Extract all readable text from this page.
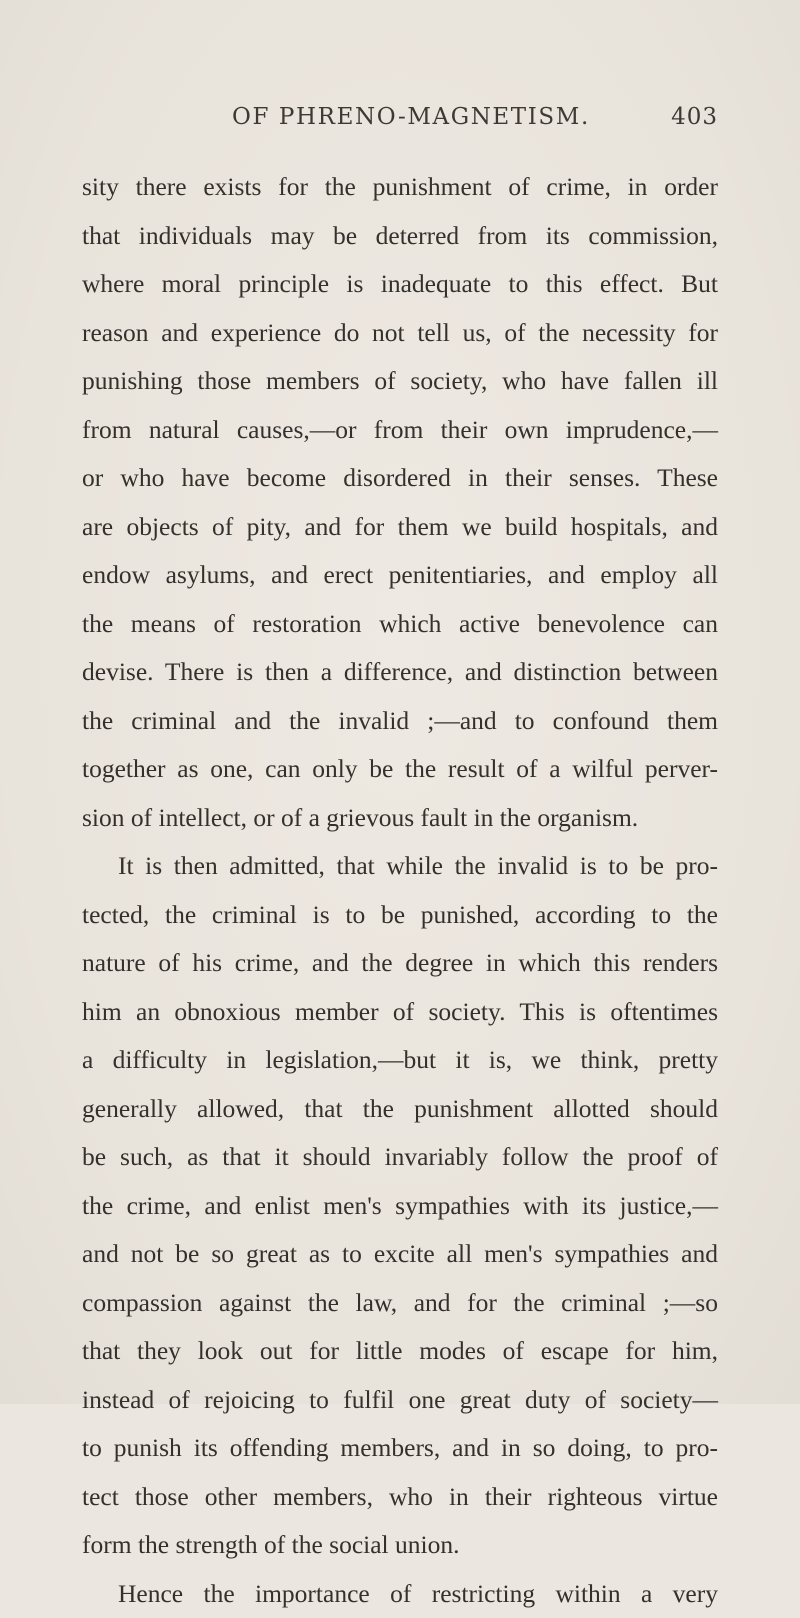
OF PHRENO-MAGNETISM.	403
sity there exists for the punishment of crime, in order
that individuals may be deterred from its commission,
where moral principle is inadequate to this effect. But
reason and experience do not tell us, of the necessity for
punishing those members of society, who have fallen ill
from natural causes,—or from their own imprudence,—
or who have become disordered in their senses. These
are objects of pity, and for them we build hospitals, and
endow asylums, and erect penitentiaries, and employ all
the means of restoration which active benevolence can
devise. There is then a difference, and distinction between
the criminal and the invalid ;—and to confound them
together as one, can only be the result of a wilful perver-
sion of intellect, or of a grievous fault in the organism.
It is then admitted, that while the invalid is to be pro-
tected, the criminal is to be punished, according to the
nature of his crime, and the degree in which this renders
him an obnoxious member of society. This is oftentimes
a difficulty in legislation,—but it is, we think, pretty
generally allowed, that the punishment allotted should
be such, as that it should invariably follow the proof of
the crime, and enlist men's sympathies with its justice,—
and not be so great as to excite all men's sympathies and
compassion against the law, and for the criminal ;—so
that they look out for little modes of escape for him,
instead of rejoicing to fulfil one great duty of society—
to punish its offending members, and in so doing, to pro-
tect those other members, who in their righteous virtue
form the strength of the social union.
Hence the importance of restricting within a very
